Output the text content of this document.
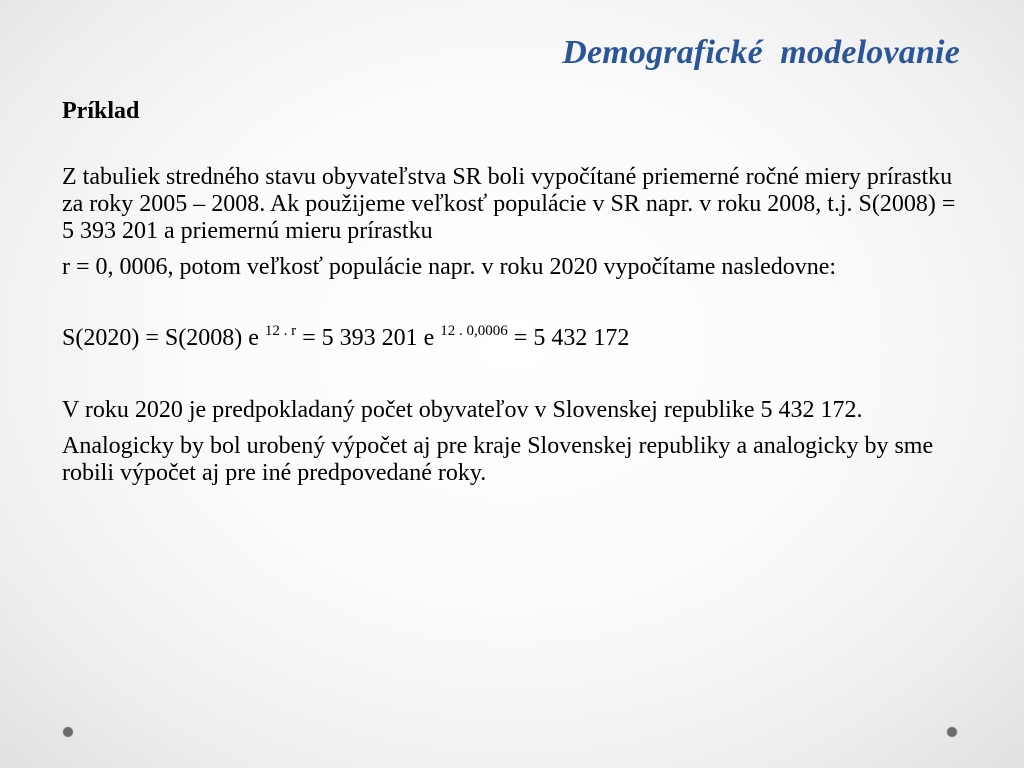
Demografické  modelovanie
Príklad

Z tabuliek stredného stavu obyvateľstva SR boli vypočítané priemerné ročné miery prírastku za roky 2005 – 2008. Ak použijeme veľkosť populácie v SR napr. v roku 2008, t.j. S(2008) = 5 393 201 a priemernú mieru prírastku

r = 0, 0006, potom veľkosť populácie napr. v roku 2020 vypočítame nasledovne:

S(2020) = S(2008) e $^{12 . r}$ = 5 393 201 e $^{12 . 0,0006}$ = 5 432 172

V roku 2020 je predpokladaný počet obyvateľov v Slovenskej republike 5 432 172.

Analogicky by bol urobený výpočet aj pre kraje Slovenskej republiky a analogicky by sme robili výpočet aj pre iné predpovedané roky.
